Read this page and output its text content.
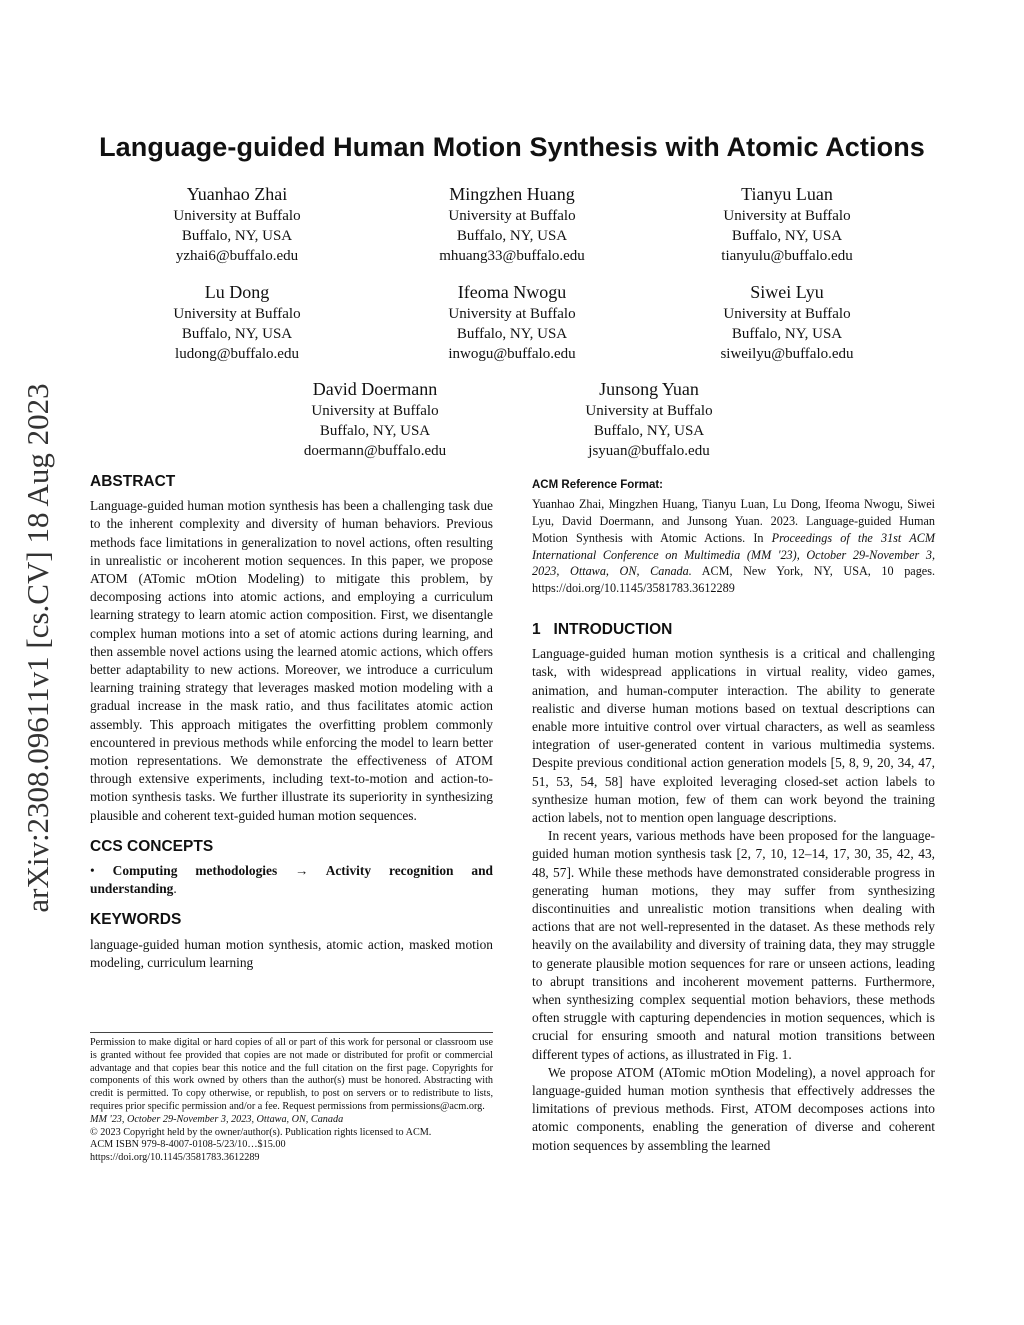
arXiv:2308.09611v1 [cs.CV] 18 Aug 2023
Language-guided Human Motion Synthesis with Atomic Actions
Yuanhao Zhai
University at Buffalo
Buffalo, NY, USA
yzhai6@buffalo.edu
Mingzhen Huang
University at Buffalo
Buffalo, NY, USA
mhuang33@buffalo.edu
Tianyu Luan
University at Buffalo
Buffalo, NY, USA
tianyulu@buffalo.edu
Lu Dong
University at Buffalo
Buffalo, NY, USA
ludong@buffalo.edu
Ifeoma Nwogu
University at Buffalo
Buffalo, NY, USA
inwogu@buffalo.edu
Siwei Lyu
University at Buffalo
Buffalo, NY, USA
siweilyu@buffalo.edu
David Doermann
University at Buffalo
Buffalo, NY, USA
doermann@buffalo.edu
Junsong Yuan
University at Buffalo
Buffalo, NY, USA
jsyuan@buffalo.edu
ABSTRACT

Language-guided human motion synthesis has been a challenging task due to the inherent complexity and diversity of human behaviors. Previous methods face limitations in generalization to novel actions, often resulting in unrealistic or incoherent motion sequences. In this paper, we propose ATOM (ATomic mOtion Modeling) to mitigate this problem, by decomposing actions into atomic actions, and employing a curriculum learning strategy to learn atomic action composition. First, we disentangle complex human motions into a set of atomic actions during learning, and then assemble novel actions using the learned atomic actions, which offers better adaptability to new actions. Moreover, we introduce a curriculum learning training strategy that leverages masked motion modeling with a gradual increase in the mask ratio, and thus facilitates atomic action assembly. This approach mitigates the overfitting problem commonly encountered in previous methods while enforcing the model to learn better motion representations. We demonstrate the effectiveness of ATOM through extensive experiments, including text-to-motion and action-to-motion synthesis tasks. We further illustrate its superiority in synthesizing plausible and coherent text-guided human motion sequences.

CCS CONCEPTS

• Computing methodologies → Activity recognition and understanding.

KEYWORDS

language-guided human motion synthesis, atomic action, masked motion modeling, curriculum learning

Permission to make digital or hard copies of all or part of this work for personal or classroom use is granted without fee provided that copies are not made or distributed for profit or commercial advantage and that copies bear this notice and the full citation on the first page. Copyrights for components of this work owned by others than the author(s) must be honored. Abstracting with credit is permitted. To copy otherwise, or republish, to post on servers or to redistribute to lists, requires prior specific permission and/or a fee. Request permissions from permissions@acm.org.

MM '23, October 29-November 3, 2023, Ottawa, ON, Canada

© 2023 Copyright held by the owner/author(s). Publication rights licensed to ACM.

ACM ISBN 979-8-4007-0108-5/23/10…$15.00

https://doi.org/10.1145/3581783.3612289

ACM Reference Format:

Yuanhao Zhai, Mingzhen Huang, Tianyu Luan, Lu Dong, Ifeoma Nwogu, Siwei Lyu, David Doermann, and Junsong Yuan. 2023. Language-guided Human Motion Synthesis with Atomic Actions. In Proceedings of the 31st ACM International Conference on Multimedia (MM '23), October 29-November 3, 2023, Ottawa, ON, Canada. ACM, New York, NY, USA, 10 pages. https://doi.org/10.1145/3581783.3612289

1   INTRODUCTION

Language-guided human motion synthesis is a critical and challenging task, with widespread applications in virtual reality, video games, animation, and human-computer interaction. The ability to generate realistic and diverse human motions based on textual descriptions can enable more intuitive control over virtual characters, as well as seamless integration of user-generated content in various multimedia systems. Despite previous conditional action generation models [5, 8, 9, 20, 34, 47, 51, 53, 54, 58] have exploited leveraging closed-set action labels to synthesize human motion, few of them can work beyond the training action labels, not to mention open language descriptions.

In recent years, various methods have been proposed for the language-guided human motion synthesis task [2, 7, 10, 12–14, 17, 30, 35, 42, 43, 48, 57]. While these methods have demonstrated considerable progress in generating human motions, they may suffer from synthesizing discontinuities and unrealistic motion transitions when dealing with actions that are not well-represented in the dataset. As these methods rely heavily on the availability and diversity of training data, they may struggle to generate plausible motion sequences for rare or unseen actions, leading to abrupt transitions and incoherent movement patterns. Furthermore, when synthesizing complex sequential motion behaviors, these methods often struggle with capturing dependencies in motion sequences, which is crucial for ensuring smooth and natural motion transitions between different types of actions, as illustrated in Fig. 1.

We propose ATOM (ATomic mOtion Modeling), a novel approach for language-guided human motion synthesis that effectively addresses the limitations of previous methods. First, ATOM decomposes actions into atomic components, enabling the generation of diverse and coherent motion sequences by assembling the learned
